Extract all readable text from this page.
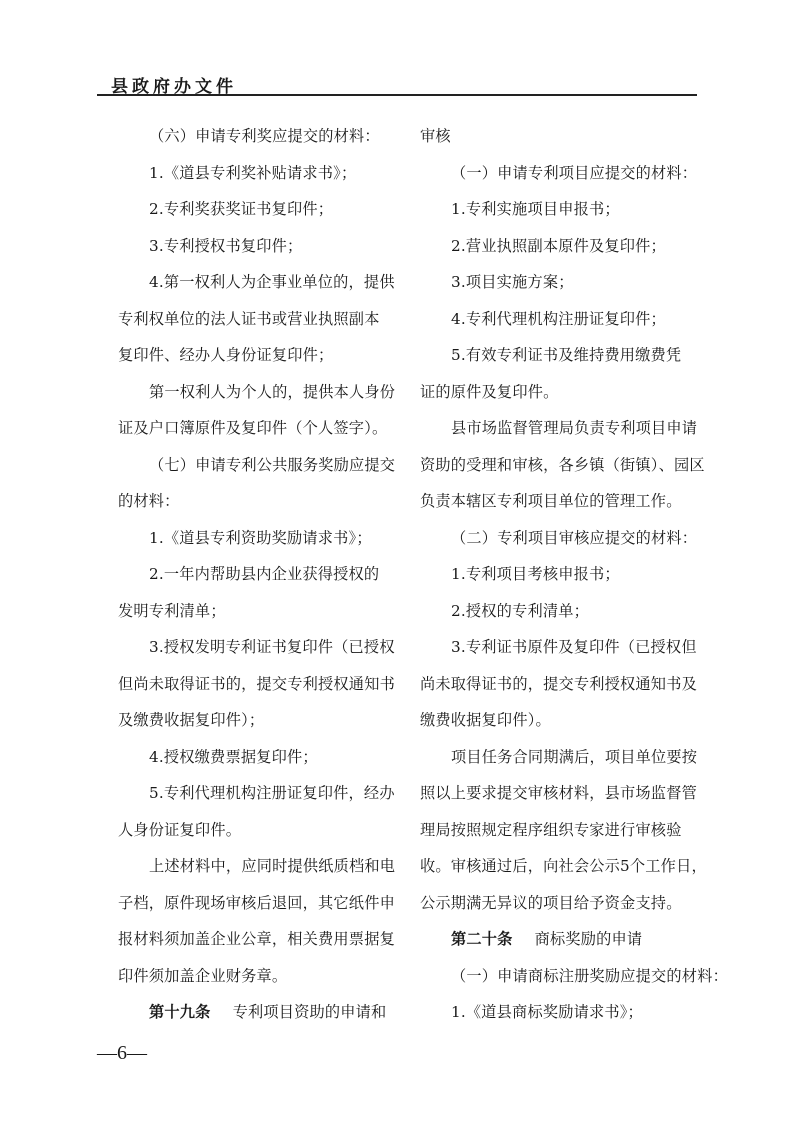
县政府办文件
（六）申请专利奖应提交的材料：
1.《道县专利奖补贴请求书》；
2.专利奖获奖证书复印件；
3.专利授权书复印件；
4.第一权利人为企事业单位的，提供
专利权单位的法人证书或营业执照副本
复印件、经办人身份证复印件；
第一权利人为个人的，提供本人身份
证及户口簿原件及复印件（个人签字）。
（七）申请专利公共服务奖励应提交
的材料：
1.《道县专利资助奖励请求书》；
2.一年内帮助县内企业获得授权的
发明专利清单；
3.授权发明专利证书复印件（已授权
但尚未取得证书的，提交专利授权通知书
及缴费收据复印件）；
4.授权缴费票据复印件；
5.专利代理机构注册证复印件，经办
人身份证复印件。
上述材料中，应同时提供纸质档和电
子档，原件现场审核后退回，其它纸件申
报材料须加盖企业公章，相关费用票据复
印件须加盖企业财务章。
第十九条 专利项目资助的申请和
审核
（一）申请专利项目应提交的材料：
1.专利实施项目申报书；
2.营业执照副本原件及复印件；
3.项目实施方案；
4.专利代理机构注册证复印件；
5.有效专利证书及维持费用缴费凭
证的原件及复印件。
县市场监督管理局负责专利项目申请
资助的受理和审核，各乡镇（街镇）、园区
负责本辖区专利项目单位的管理工作。
（二）专利项目审核应提交的材料：
1.专利项目考核申报书；
2.授权的专利清单；
3.专利证书原件及复印件（已授权但
尚未取得证书的，提交专利授权通知书及
缴费收据复印件）。
项目任务合同期满后，项目单位要按
照以上要求提交审核材料，县市场监督管
理局按照规定程序组织专家进行审核验
收。审核通过后，向社会公示5个工作日，
公示期满无异议的项目给予资金支持。
第二十条 商标奖励的申请
（一）申请商标注册奖励应提交的材料：
1.《道县商标奖励请求书》；
—6—
